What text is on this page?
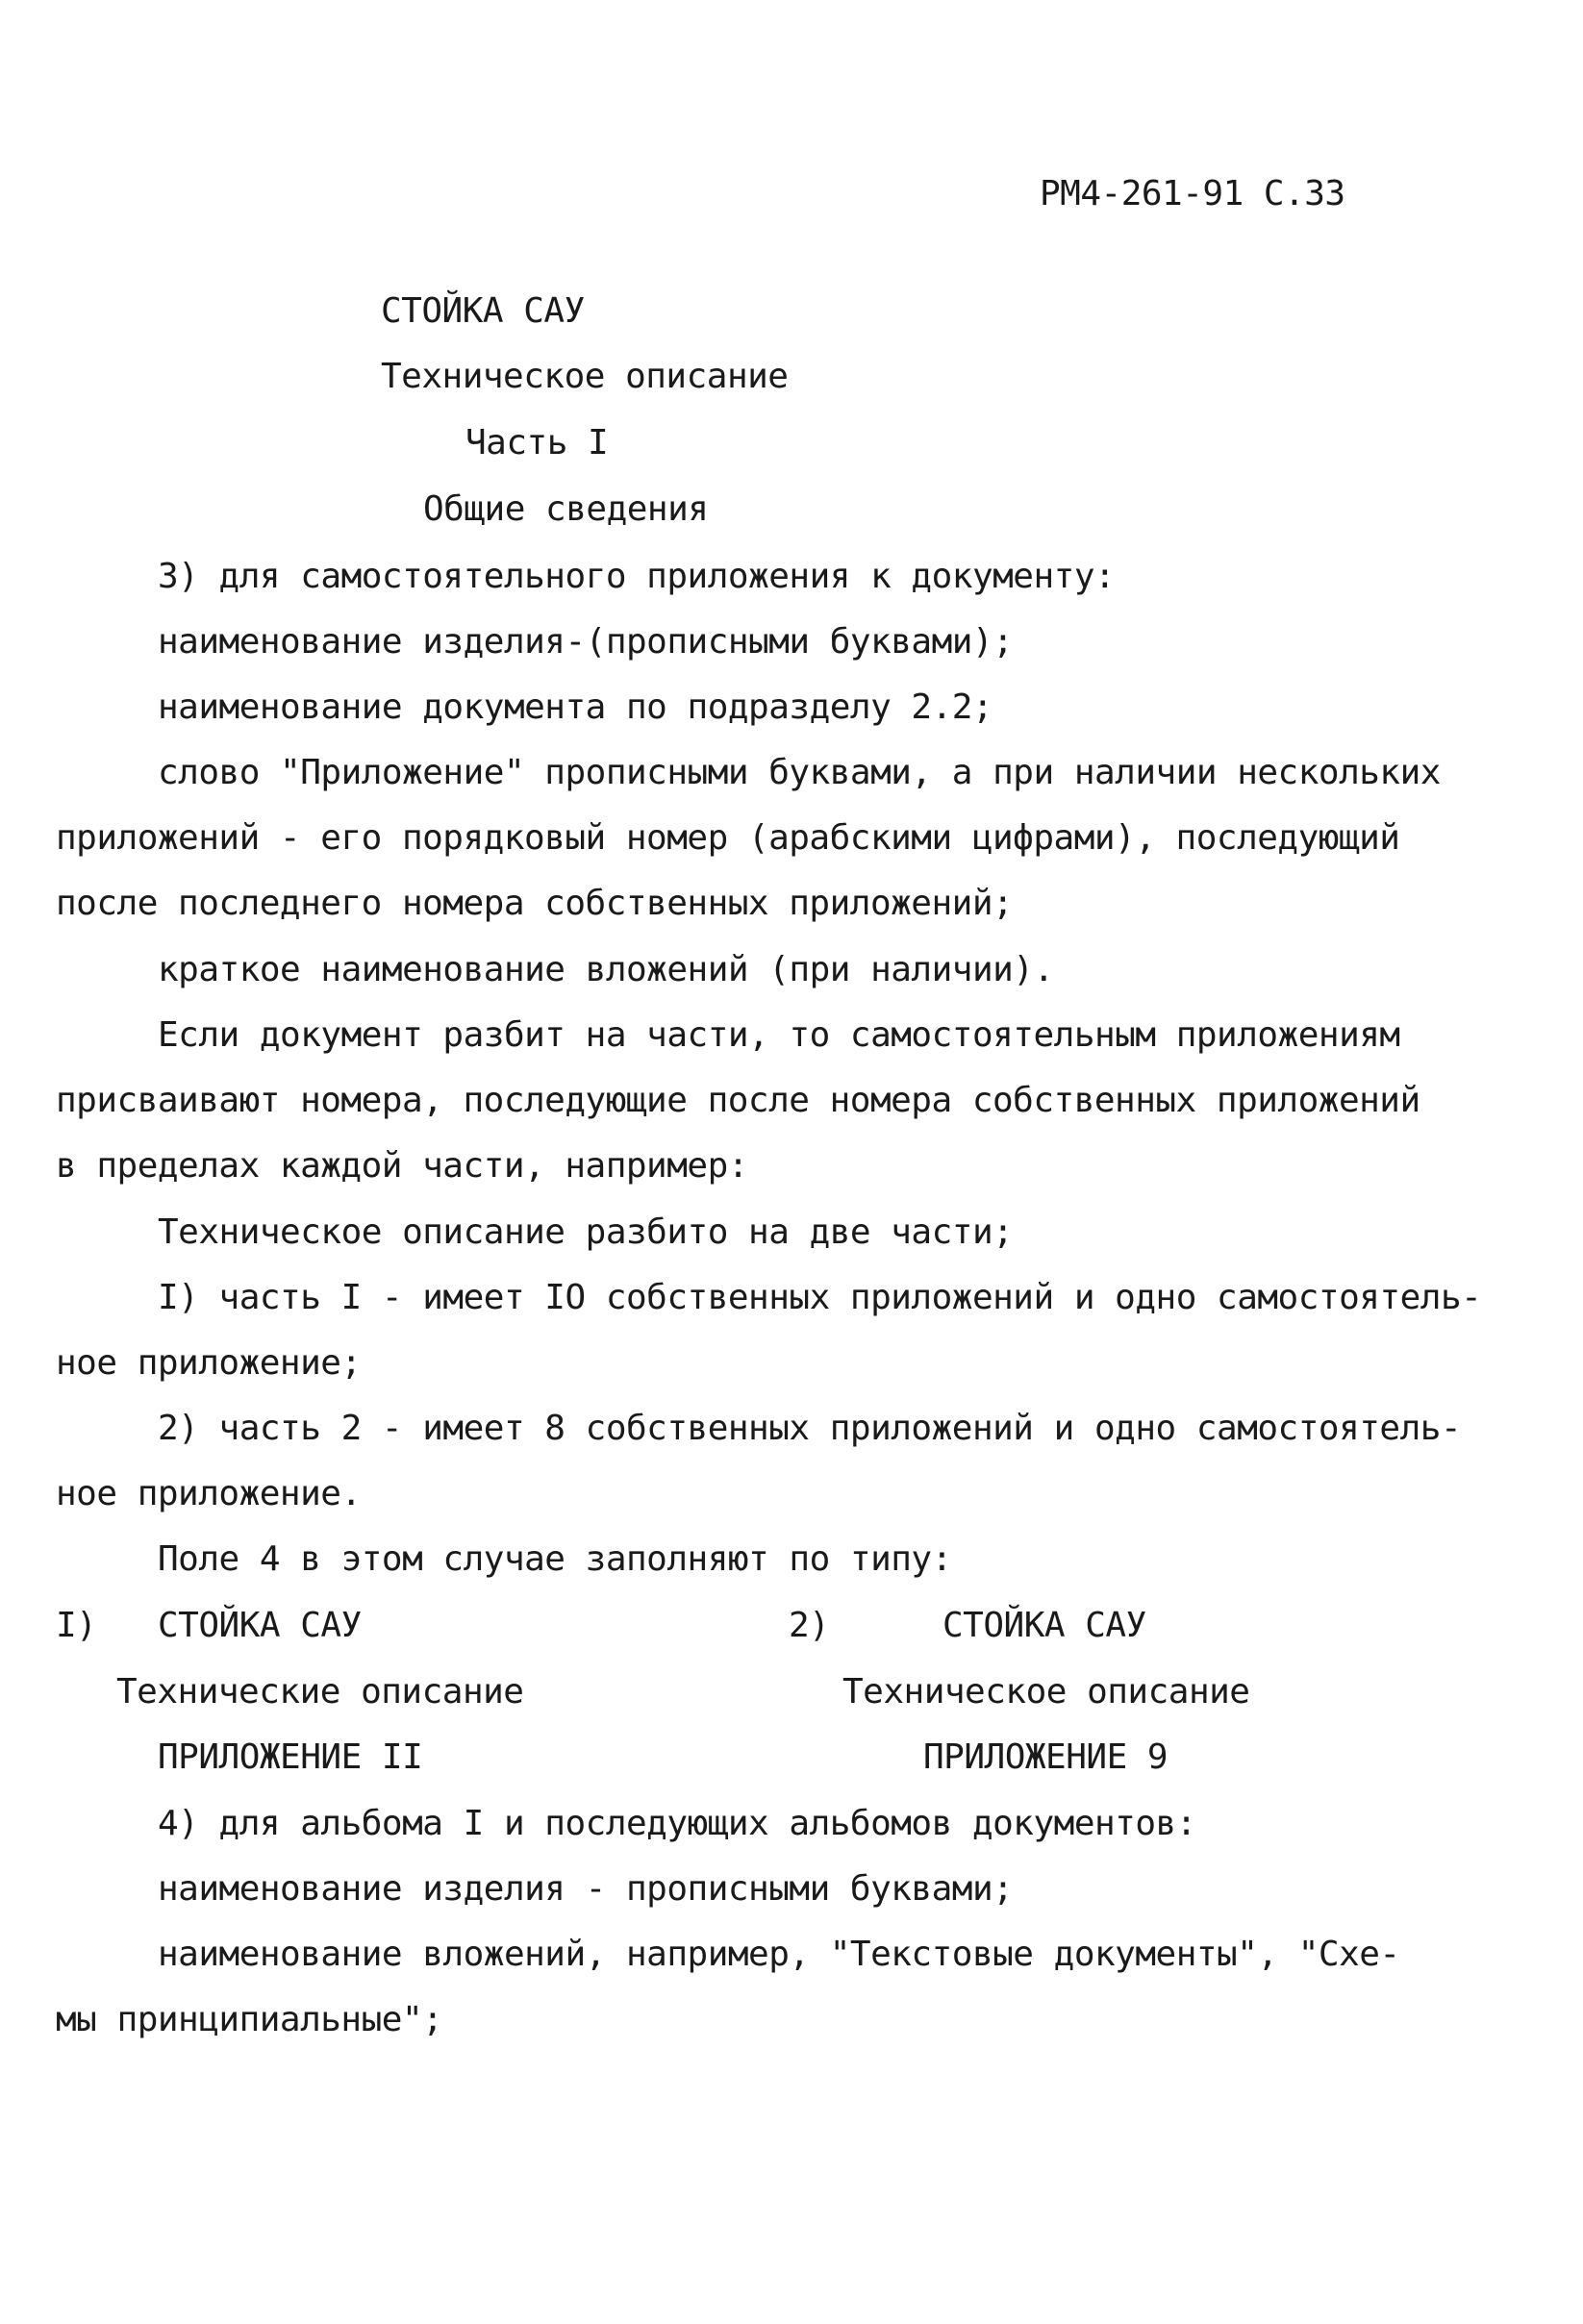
РМ4-261-91 С.33
СТОЙКА САУ
Техническое описание
Часть I
Общие сведения
3) для самостоятельного приложения к документу:
наименование изделия-(прописными буквами);
наименование документа по подразделу 2.2;
слово "Приложение" прописными буквами, а при наличии нескольких
приложений - его порядковый номер (арабскими цифрами), последующий
после последнего номера собственных приложений;
краткое наименование вложений (при наличии).
Если документ разбит на части, то самостоятельным приложениям
присваивают номера, последующие после номера собственных приложений
в пределах каждой части, например:
Техническое описание разбито на две части;
I) часть I - имеет IO собственных приложений и одно самостоятель-
ное приложение;
2) часть 2 - имеет 8 собственных приложений и одно самостоятель-
ное приложение.
Поле 4 в этом случае заполняют по типу:
I) СТОЙКА САУ	2)	СТОЙКА САУ
Технические описание	Техническое описание
ПРИЛОЖЕНИЕ II	ПРИЛОЖЕНИЕ 9
4) для альбома I и последующих альбомов документов:
наименование изделия - прописными буквами;
наименование вложений, например, "Текстовые документы", "Схе-
мы принципиальные";
